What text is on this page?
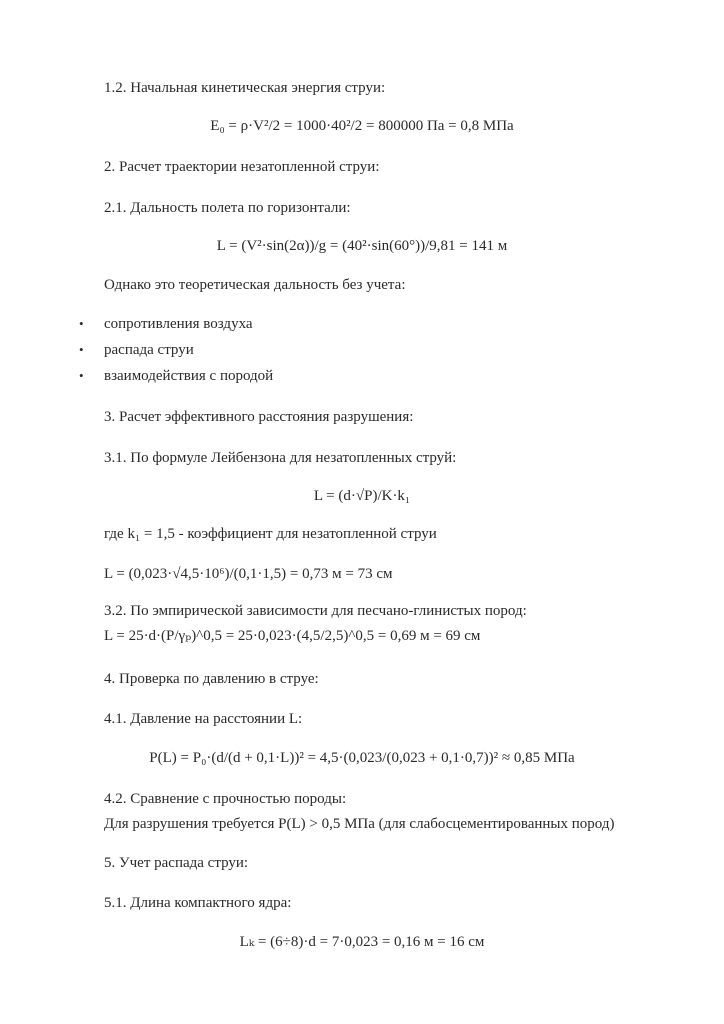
1.2. Начальная кинетическая энергия струи:
E₀ = ρ·V²/2 = 1000·40²/2 = 800000 Па = 0,8 МПа
2. Расчет траектории незатопленной струи:
2.1. Дальность полета по горизонтали:
L = (V²·sin(2α))/g = (40²·sin(60°))/9,81 = 141 м
Однако это теоретическая дальность без учета:
• сопротивления воздуха
• распада струи
• взаимодействия с породой
3. Расчет эффективного расстояния разрушения:
3.1. По формуле Лейбензона для незатопленных струй:
L = (d·√P)/K·k₁
где k₁ = 1,5 - коэффициент для незатопленной струи
L = (0,023·√4,5·10⁶)/(0,1·1,5) = 0,73 м = 73 см
3.2. По эмпирической зависимости для песчано-глинистых пород:
L = 25·d·(P/γₚ)^0,5 = 25·0,023·(4,5/2,5)^0,5 = 0,69 м = 69 см
4. Проверка по давлению в струе:
4.1. Давление на расстоянии L:
P(L) = P₀·(d/(d + 0,1·L))² = 4,5·(0,023/(0,023 + 0,1·0,7))² ≈ 0,85 МПа
4.2. Сравнение с прочностью породы:
Для разрушения требуется P(L) > 0,5 МПа (для слабосцементированных пород)
5. Учет распада струи:
5.1. Длина компактного ядра:
Lₖ = (6÷8)·d = 7·0,023 = 0,16 м = 16 см
